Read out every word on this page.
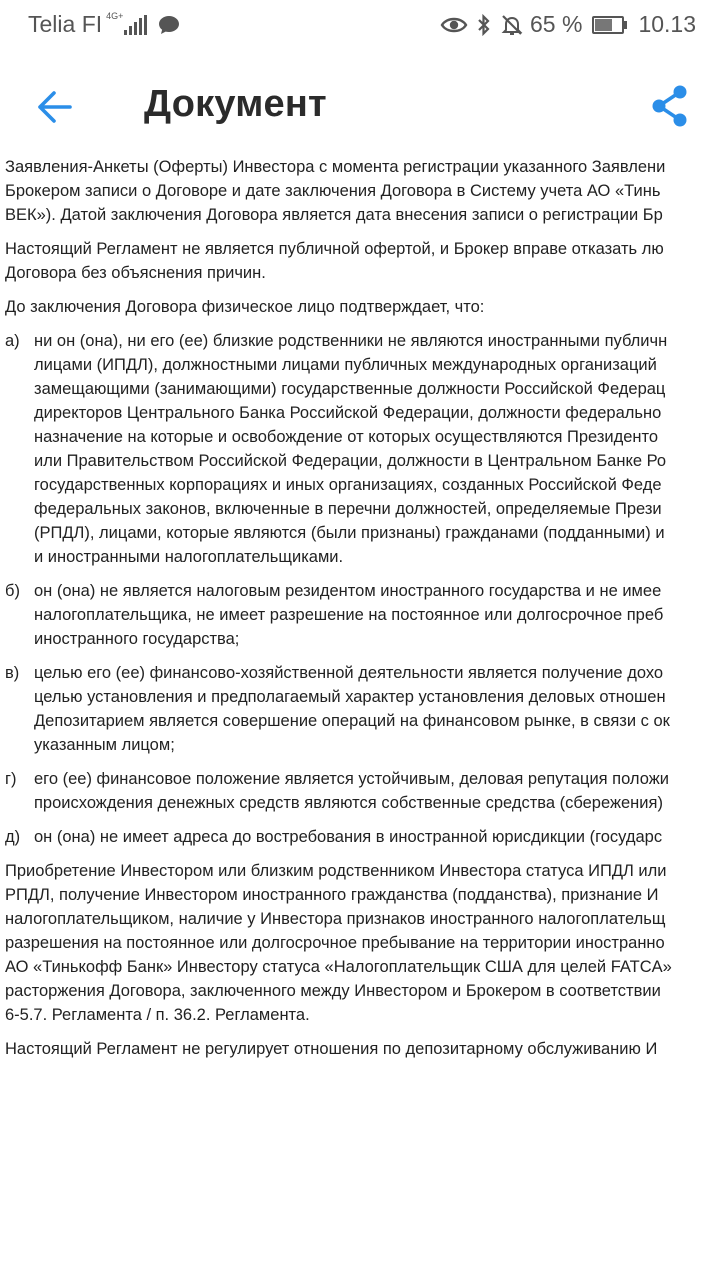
Telia FI 4G+	65 % 10.13
Документ

Заявления-Анкеты (Оферты) Инвестора с момента регистрации указанного Заявлени
Брокером записи о Договоре и дате заключения Договора в Систему учета АО «Тинь
ВЕК»). Датой заключения Договора является дата внесения записи о регистрации Бр

Настоящий Регламент не является публичной офертой, и Брокер вправе отказать лю
Договора без объяснения причин.

До заключения Договора физическое лицо подтверждает, что:

а) ни он (она), ни его (ее) близкие родственники не являются иностранными публичн
лицами (ИПДЛ), должностными лицами публичных международных организаций
замещающими (занимающими) государственные должности Российской Федерац
директоров Центрального Банка Российской Федерации, должности федерально
назначение на которые и освобождение от которых осуществляются Президенто
или Правительством Российской Федерации, должности в Центральном Банке Ро
государственных корпорациях и иных организациях, созданных Российской Феде
федеральных законов, включенные в перечни должностей, определяемые Прези
(РПДЛ), лицами, которые являются (были признаны) гражданами (подданными) и
и иностранными налогоплательщиками.
б) он (она) не является налоговым резидентом иностранного государства и не имее
налогоплательщика, не имеет разрешение на постоянное или долгосрочное преб
иностранного государства;
в) целью его (ее) финансово-хозяйственной деятельности является получение дохо
целью установления и предполагаемый характер установления деловых отношен
Депозитарием является совершение операций на финансовом рынке, в связи с ок
указанным лицом;
г) его (ее) финансовое положение является устойчивым, деловая репутация положи
происхождения денежных средств являются собственные средства (сбережения)
д) он (она) не имеет адреса до востребования в иностранной юрисдикции (государс

Приобретение Инвестором или близким родственником Инвестора статуса ИПДЛ или
РПДЛ, получение Инвестором иностранного гражданства (подданства), признание И
налогоплательщиком, наличие у Инвестора признаков иностранного налогоплательщ
разрешения на постоянное или долгосрочное пребывание на территории иностранно
АО «Тинькофф Банк» Инвестору статуса «Налогоплательщик США для целей FATCA»
расторжения Договора, заключенного между Инвестором и Брокером в соответствии
6-5.7. Регламента / п. 36.2. Регламента.

Настоящий Регламент не регулирует отношения по депозитарному обслуживанию И
